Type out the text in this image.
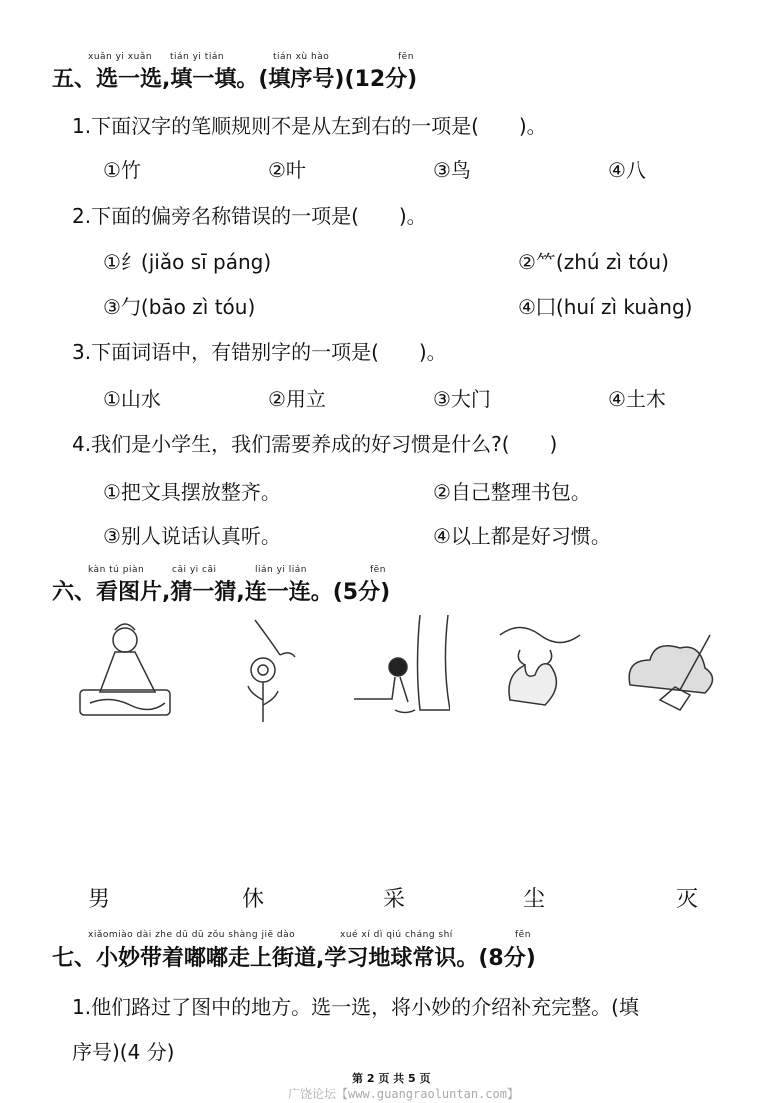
xuǎn yi xuǎn tián yi tián	tián xù hào	fēn
五、选一选,填一填。(填序号)(12分)
1.下面汉字的笔顺规则不是从左到右的一项是(　　)。
①竹	②叶	③鸟	④八
2.下面的偏旁名称错误的一项是(　　)。
①纟(jiǎo sī páng)	②⺮(zhú zì tóu)
③勹(bāo zì tóu)	④囗(huí zì kuàng)
3.下面词语中，有错别字的一项是(　　)。
①山水	②用立	③大门	④土木
4.我们是小学生，我们需要养成的好习惯是什么?(　　)
①把文具摆放整齐。	②自己整理书包。
③别人说话认真听。	④以上都是好习惯。
kàn tú piàn	cāi yi cāi	lián yi lián	fēn
六、看图片,猜一猜,连一连。(5分)
男	休	采	尘	灭
xiǎomiào dài zhe dū dū zǒu shàng jiē dào	xué xí dì qiú cháng shí	fēn
七、小妙带着嘟嘟走上街道,学习地球常识。(8分)
1.他们路过了图中的地方。选一选，将小妙的介绍补充完整。(填
序号)(4 分)
第 2 页 共 5 页
广饶论坛【www.guangraoluntan.com】
